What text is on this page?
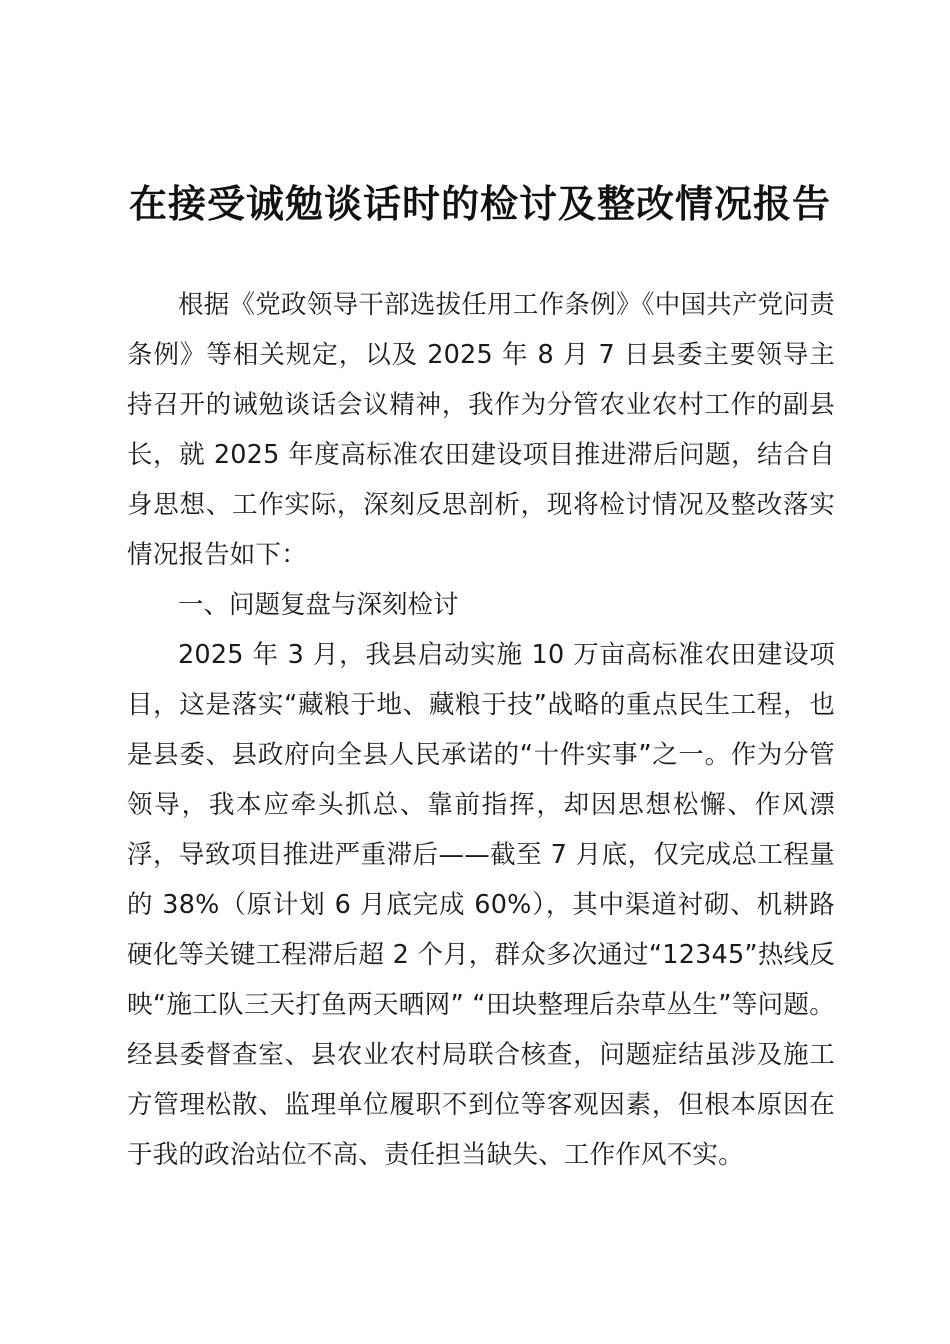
在接受诚勉谈话时的检讨及整改情况报告

根据《党政领导干部选拔任用工作条例》《中国共产党问责条例》等相关规定，以及 2025 年 8 月 7 日县委主要领导主持召开的诫勉谈话会议精神，我作为分管农业农村工作的副县长，就 2025 年度高标准农田建设项目推进滞后问题，结合自身思想、工作实际，深刻反思剖析，现将检讨情况及整改落实情况报告如下：

一、问题复盘与深刻检讨

2025 年 3 月，我县启动实施 10 万亩高标准农田建设项目，这是落实“藏粮于地、藏粮于技”战略的重点民生工程，也是县委、县政府向全县人民承诺的“十件实事”之一。作为分管领导，我本应牵头抓总、靠前指挥，却因思想松懈、作风漂浮，导致项目推进严重滞后——截至 7 月底，仅完成总工程量的 38%（原计划 6 月底完成 60%），其中渠道衬砌、机耕路硬化等关键工程滞后超 2 个月，群众多次通过“12345”热线反映“施工队三天打鱼两天晒网” “田块整理后杂草丛生”等问题。经县委督查室、县农业农村局联合核查，问题症结虽涉及施工方管理松散、监理单位履职不到位等客观因素，但根本原因在于我的政治站位不高、责任担当缺失、工作作风不实。
